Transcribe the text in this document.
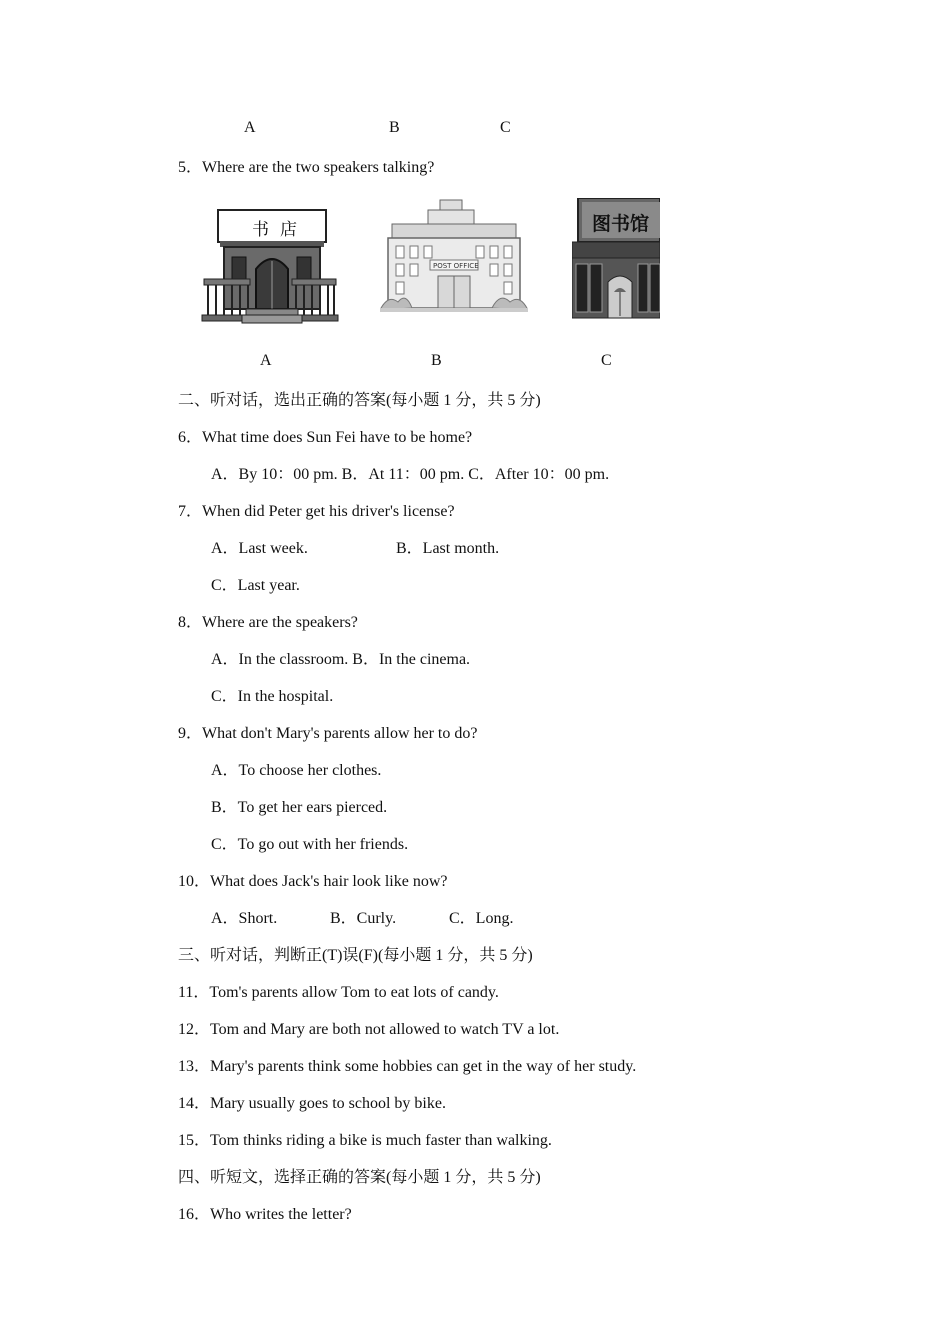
A	B	C
5．Where are the two speakers talking?
书 店
POST OFFICE
图书馆
A	B	C
二、听对话，选出正确的答案(每小题 1 分，共 5 分)
6．What time does Sun Fei have to be home?
A．By 10：00 pm. B．At 11：00 pm. C．After 10：00 pm.
7．When did Peter get his driver's license?
A．Last week.	B．Last month.
C．Last year.
8．Where are the speakers?
A．In the classroom. B．In the cinema.
C．In the hospital.
9．What don't Mary's parents allow her to do?
A．To choose her clothes.
B．To get her ears pierced.
C．To go out with her friends.
10．What does Jack's hair look like now?
A．Short.	B．Curly.	C．Long.
三、听对话，判断正(T)误(F)(每小题 1 分，共 5 分)
11．Tom's parents allow Tom to eat lots of candy.
12．Tom and Mary are both not allowed to watch TV a lot.
13．Mary's parents think some hobbies can get in the way of her study.
14．Mary usually goes to school by bike.
15．Tom thinks riding a bike is much faster than walking.
四、听短文，选择正确的答案(每小题 1 分，共 5 分)
16．Who writes the letter?
